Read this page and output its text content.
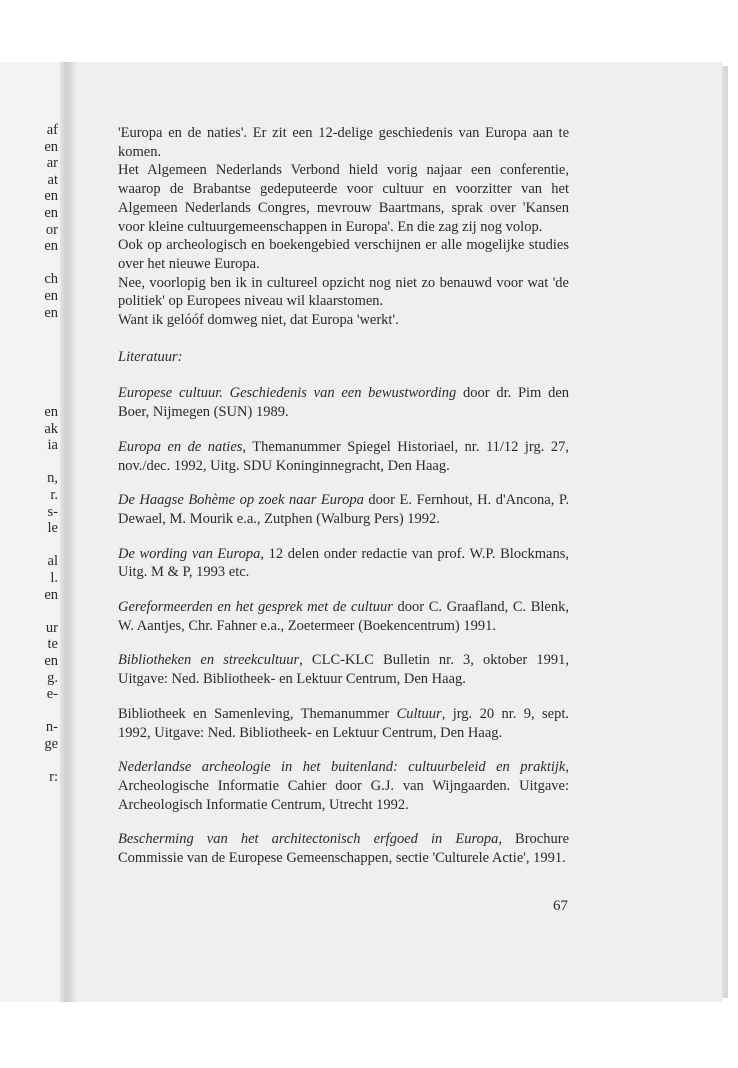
af
en
ar
at
en
en
or
en
ch
en
en
en
ak
ia
n,
r.
s-
le
al
l.
en
ur
te
en
g.
e-
n-
ge
r:

'Europa en de naties'. Er zit een 12-delige geschiedenis van Europa aan te komen.

Het Algemeen Nederlands Verbond hield vorig najaar een conferentie, waarop de Brabantse gedeputeerde voor cultuur en voorzitter van het Algemeen Nederlands Congres, mevrouw Baartmans, sprak over 'Kansen voor kleine cultuurgemeenschappen in Europa'. En die zag zij nog volop.

Ook op archeologisch en boekengebied verschijnen er alle mogelijke studies over het nieuwe Europa.

Nee, voorlopig ben ik in cultureel opzicht nog niet zo benauwd voor wat 'de politiek' op Europees niveau wil klaarstomen.

Want ik gelóóf domweg niet, dat Europa 'werkt'.

Literatuur:

Europese cultuur. Geschiedenis van een bewustwording door dr. Pim den Boer, Nijmegen (SUN) 1989.

Europa en de naties, Themanummer Spiegel Historiael, nr. 11/12 jrg. 27, nov./dec. 1992, Uitg. SDU Koninginnegracht, Den Haag.

De Haagse Bohème op zoek naar Europa door E. Fernhout, H. d'Ancona, P. Dewael, M. Mourik e.a., Zutphen (Walburg Pers) 1992.

De wording van Europa, 12 delen onder redactie van prof. W.P. Blockmans, Uitg. M & P, 1993 etc.

Gereformeerden en het gesprek met de cultuur door C. Graafland, C. Blenk, W. Aantjes, Chr. Fahner e.a., Zoetermeer (Boekencentrum) 1991.

Bibliotheken en streekcultuur, CLC-KLC Bulletin nr. 3, oktober 1991, Uitgave: Ned. Bibliotheek- en Lektuur Centrum, Den Haag.

Bibliotheek en Samenleving, Themanummer Cultuur, jrg. 20 nr. 9, sept. 1992, Uitgave: Ned. Bibliotheek- en Lektuur Centrum, Den Haag.

Nederlandse archeologie in het buitenland: cultuurbeleid en praktijk, Archeologische Informatie Cahier door G.J. van Wijngaarden. Uitgave: Archeologisch Informatie Centrum, Utrecht 1992.

Bescherming van het architectonisch erfgoed in Europa, Brochure Commissie van de Europese Gemeenschappen, sectie 'Culturele Actie', 1991.

67
